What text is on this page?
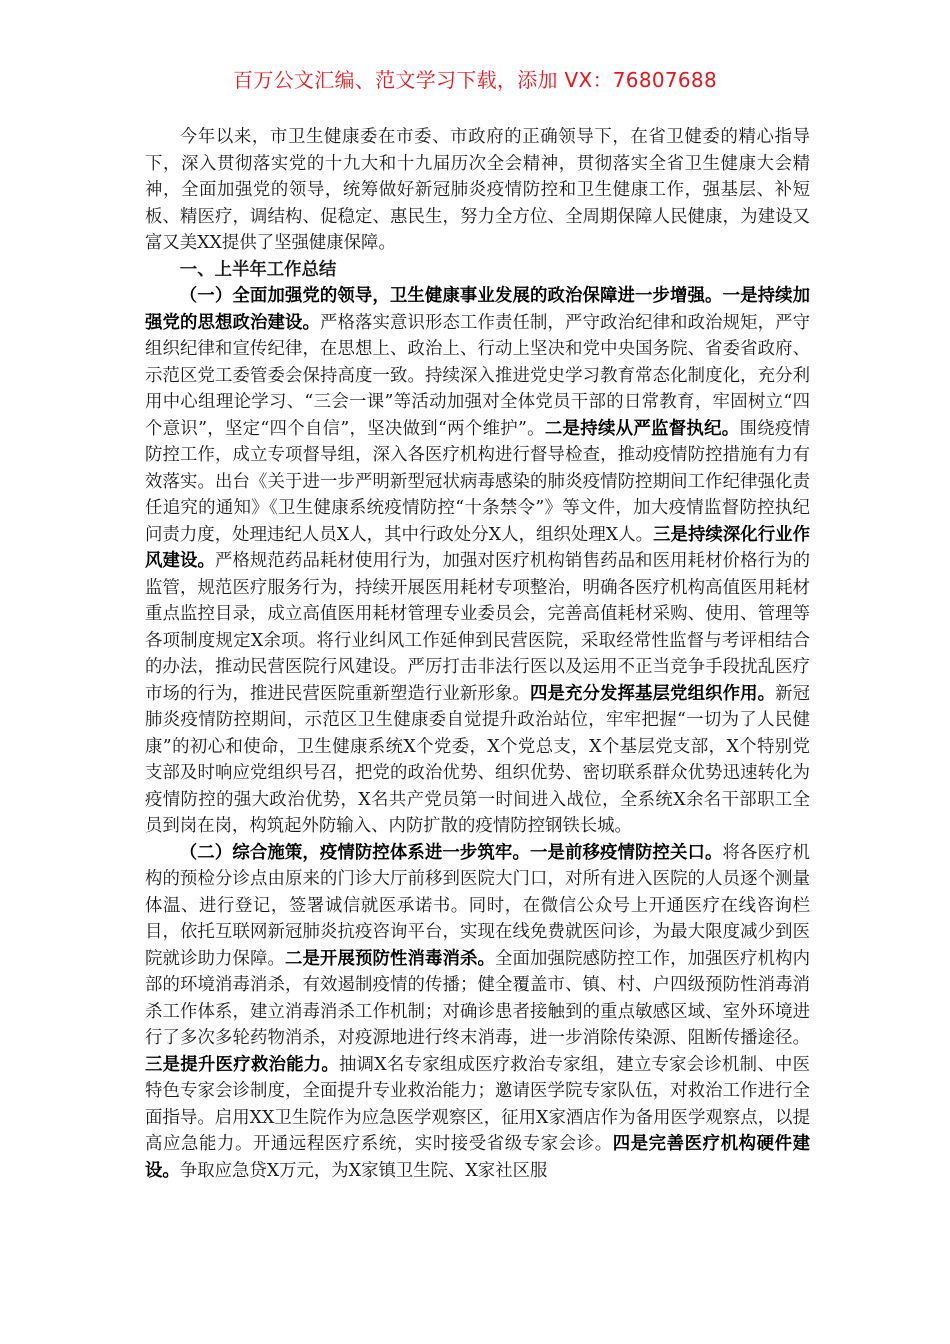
百万公文汇编、范文学习下载，添加 VX：76807688

今年以来，市卫生健康委在市委、市政府的正确领导下，在省卫健委的精心指导下，深入贯彻落实党的十九大和十九届历次全会精神，贯彻落实全省卫生健康大会精神，全面加强党的领导，统筹做好新冠肺炎疫情防控和卫生健康工作，强基层、补短板、精医疗，调结构、促稳定、惠民生，努力全方位、全周期保障人民健康，为建设又富又美XX提供了坚强健康保障。

一、上半年工作总结

（一）全面加强党的领导，卫生健康事业发展的政治保障进一步增强。一是持续加强党的思想政治建设。严格落实意识形态工作责任制，严守政治纪律和政治规矩，严守组织纪律和宣传纪律，在思想上、政治上、行动上坚决和党中央国务院、省委省政府、示范区党工委管委会保持高度一致。持续深入推进党史学习教育常态化制度化，充分利用中心组理论学习、“三会一课”等活动加强对全体党员干部的日常教育，牢固树立“四个意识”，坚定“四个自信”，坚决做到“两个维护”。二是持续从严监督执纪。围绕疫情防控工作，成立专项督导组，深入各医疗机构进行督导检查，推动疫情防控措施有力有效落实。出台《关于进一步严明新型冠状病毒感染的肺炎疫情防控期间工作纪律强化责任追究的通知》《卫生健康系统疫情防控“十条禁令”》等文件，加大疫情监督防控执纪问责力度，处理违纪人员X人，其中行政处分X人，组织处理X人。三是持续深化行业作风建设。严格规范药品耗材使用行为，加强对医疗机构销售药品和医用耗材价格行为的监管，规范医疗服务行为，持续开展医用耗材专项整治，明确各医疗机构高值医用耗材重点监控目录，成立高值医用耗材管理专业委员会，完善高值耗材采购、使用、管理等各项制度规定X余项。将行业纠风工作延伸到民营医院，采取经常性监督与考评相结合的办法，推动民营医院行风建设。严厉打击非法行医以及运用不正当竞争手段扰乱医疗市场的行为，推进民营医院重新塑造行业新形象。四是充分发挥基层党组织作用。新冠肺炎疫情防控期间，示范区卫生健康委自觉提升政治站位，牢牢把握“一切为了人民健康”的初心和使命，卫生健康系统X个党委，X个党总支，X个基层党支部，X个特别党支部及时响应党组织号召，把党的政治优势、组织优势、密切联系群众优势迅速转化为疫情防控的强大政治优势，X名共产党员第一时间进入战位，全系统X余名干部职工全员到岗在岗，构筑起外防输入、内防扩散的疫情防控钢铁长城。

（二）综合施策，疫情防控体系进一步筑牢。一是前移疫情防控关口。将各医疗机构的预检分诊点由原来的门诊大厅前移到医院大门口，对所有进入医院的人员逐个测量体温、进行登记，签署诚信就医承诺书。同时，在微信公众号上开通医疗在线咨询栏目，依托互联网新冠肺炎抗疫咨询平台，实现在线免费就医问诊，为最大限度减少到医院就诊助力保障。二是开展预防性消毒消杀。全面加强院感防控工作，加强医疗机构内部的环境消毒消杀，有效遏制疫情的传播；健全覆盖市、镇、村、户四级预防性消毒消杀工作体系，建立消毒消杀工作机制；对确诊患者接触到的重点敏感区域、室外环境进行了多次多轮药物消杀，对疫源地进行终末消毒，进一步消除传染源、阻断传播途径。三是提升医疗救治能力。抽调X名专家组成医疗救治专家组，建立专家会诊机制、中医特色专家会诊制度，全面提升专业救治能力；邀请医学院专家队伍，对救治工作进行全面指导。启用XX卫生院作为应急医学观察区，征用X家酒店作为备用医学观察点，以提高应急能力。开通远程医疗系统，实时接受省级专家会诊。四是完善医疗机构硬件建设。争取应急贷X万元，为X家镇卫生院、X家社区服
